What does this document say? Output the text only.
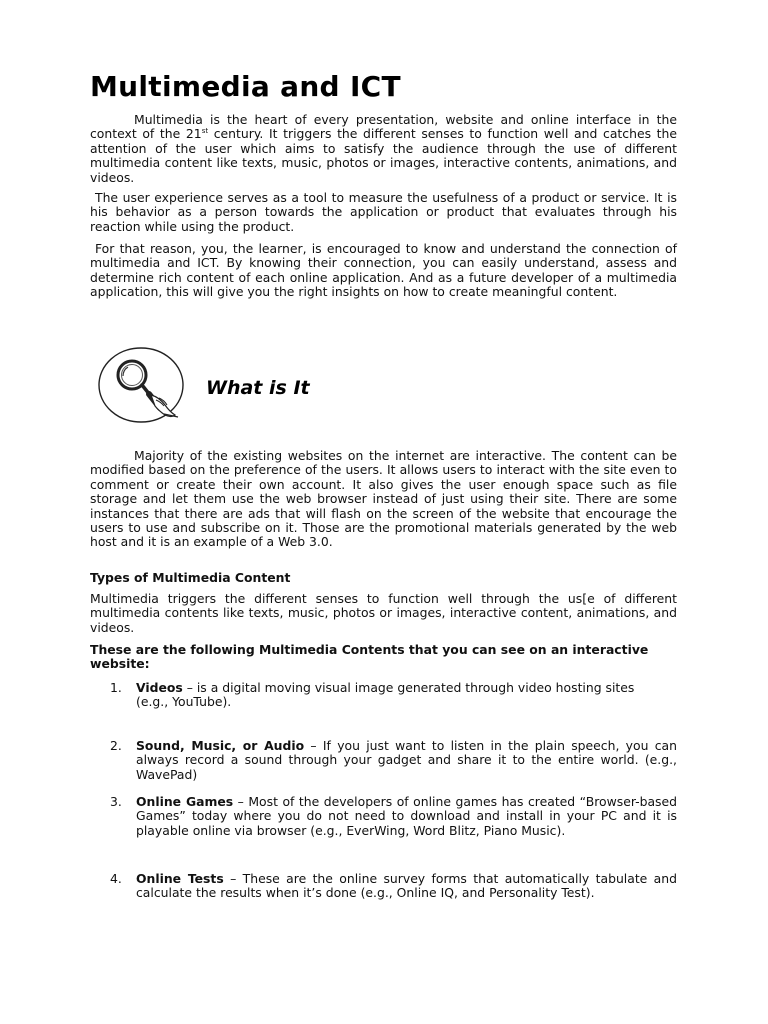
Multimedia and ICT

Multimedia is the heart of every presentation, website and online interface in the context of the 21st century. It triggers the different senses to function well and catches the attention of the user which aims to satisfy the audience through the use of different multimedia content like texts, music, photos or images, interactive contents, animations, and videos.

The user experience serves as a tool to measure the usefulness of a product or service. It is his behavior as a person towards the application or product that evaluates through his reaction while using the product.

For that reason, you, the learner, is encouraged to know and understand the connection of multimedia and ICT. By knowing their connection, you can easily understand, assess and determine rich content of each online application. And as a future developer of a multimedia application, this will give you the right insights on how to create meaningful content.

What is It

Majority of the existing websites on the internet are interactive. The content can be modified based on the preference of the users. It allows users to interact with the site even to comment or create their own account. It also gives the user enough space such as file storage and let them use the web browser instead of just using their site. There are some instances that there are ads that will flash on the screen of the website that encourage the users to use and subscribe on it. Those are the promotional materials generated by the web host and it is an example of a Web 3.0.

Types of Multimedia Content

Multimedia triggers the different senses to function well through the us[e of different multimedia contents like texts, music, photos or images, interactive content, animations, and videos.

These are the following Multimedia Contents that you can see on an interactive website:

1.	Videos – is a digital moving visual image generated through video hosting sites
(e.g., YouTube).
2.	Sound, Music, or Audio – If you just want to listen in the plain speech, you can always record a sound through your gadget and share it to the entire world. (e.g., WavePad)
3.	Online Games – Most of the developers of online games has created “Browser-based Games” today where you do not need to download and install in your PC and it is playable online via browser (e.g., EverWing, Word Blitz, Piano Music).
4.	Online Tests – These are the online survey forms that automatically tabulate and calculate the results when it’s done (e.g., Online IQ, and Personality Test).
